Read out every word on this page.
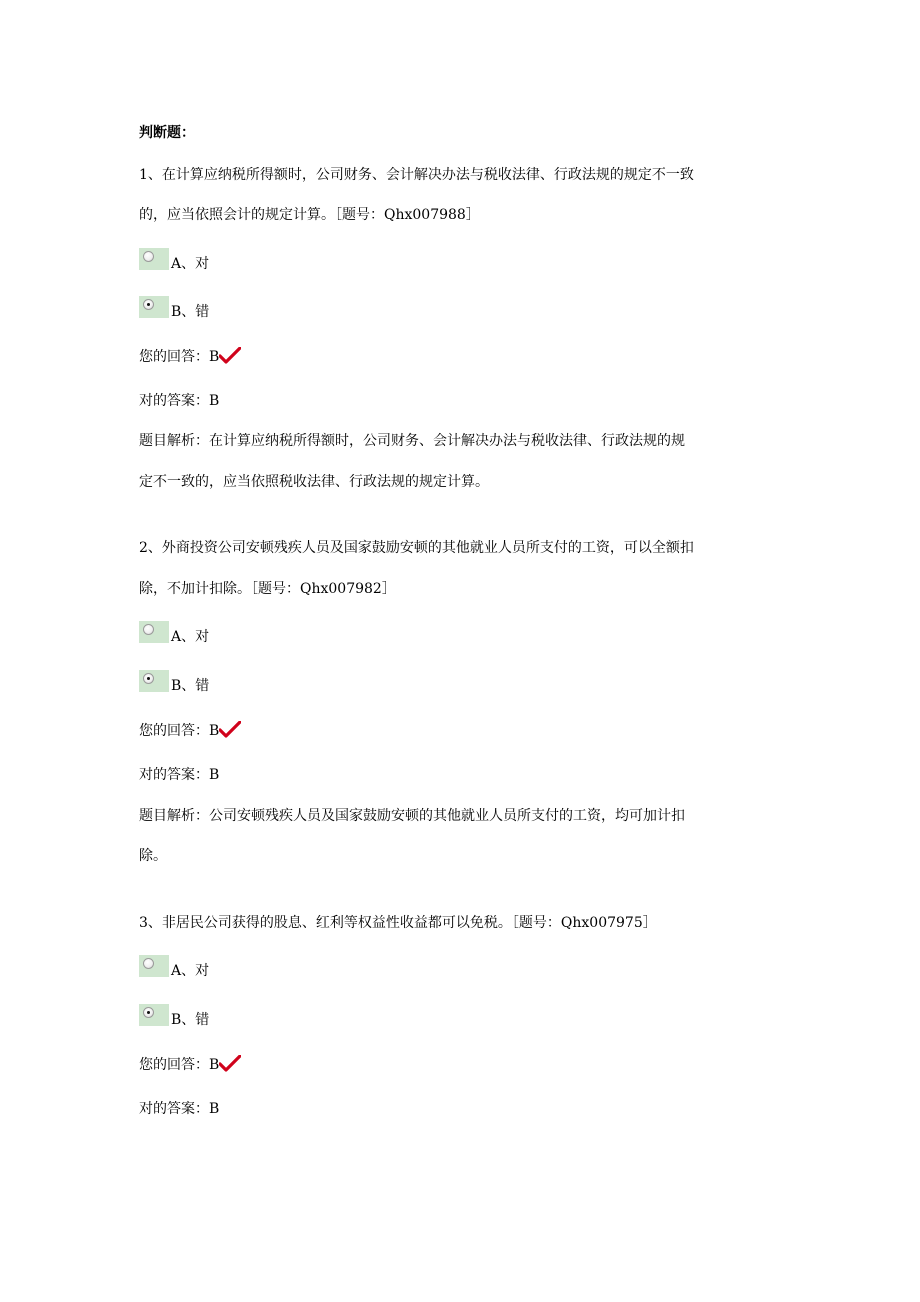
判断题：
1、在计算应纳税所得额时，公司财务、会计解决办法与税收法律、行政法规的规定不一致
的，应当依照会计的规定计算。［题号：Qhx007988］
A、对
B、错
您的回答：B
对的答案：B
题目解析：在计算应纳税所得额时，公司财务、会计解决办法与税收法律、行政法规的规
定不一致的，应当依照税收法律、行政法规的规定计算。
2、外商投资公司安顿残疾人员及国家鼓励安顿的其他就业人员所支付的工资，可以全额扣
除，不加计扣除。［题号：Qhx007982］
A、对
B、错
您的回答：B
对的答案：B
题目解析：公司安顿残疾人员及国家鼓励安顿的其他就业人员所支付的工资，均可加计扣
除。
3、非居民公司获得的股息、红利等权益性收益都可以免税。［题号：Qhx007975］
A、对
B、错
您的回答：B
对的答案：B
